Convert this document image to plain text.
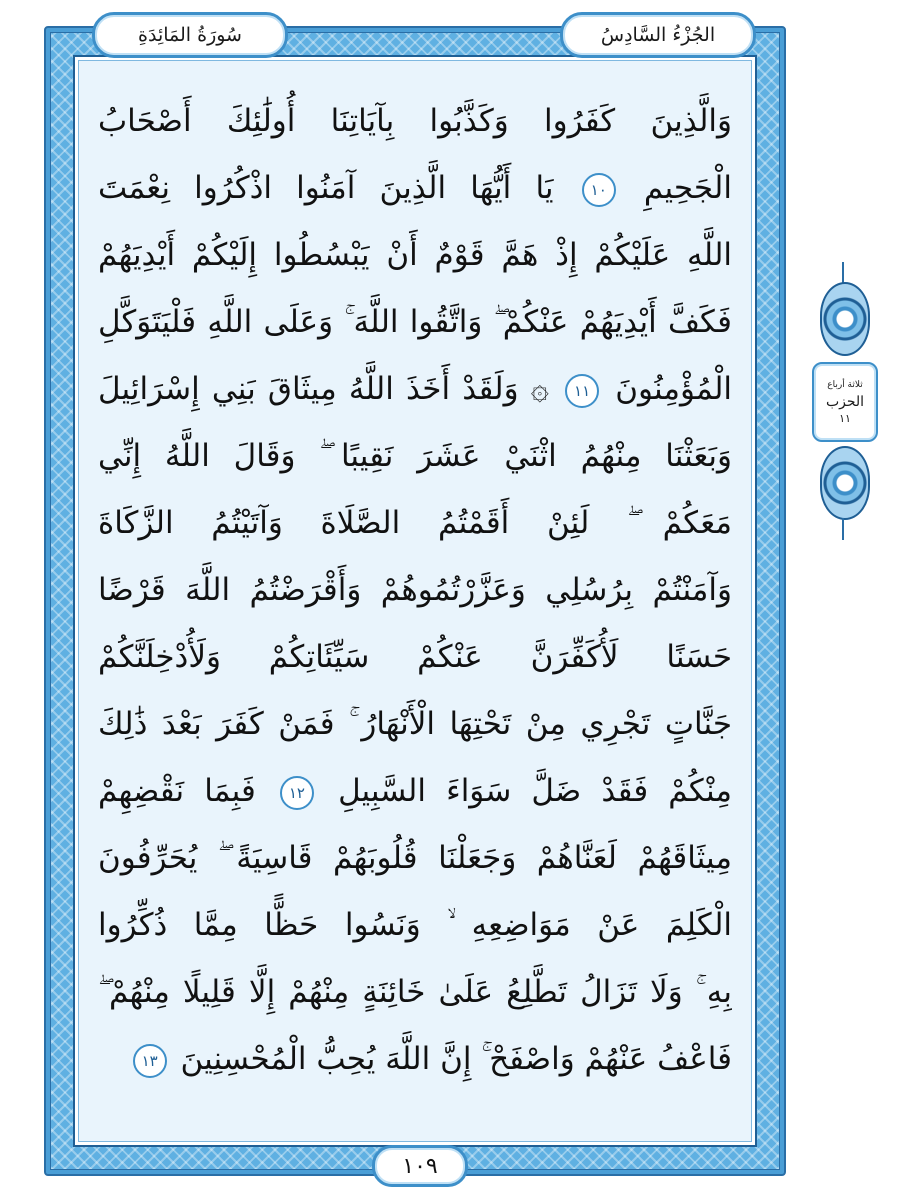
سُورَةُ المَائِدَةِ	الجُزْءُ السَّادِسُ
وَالَّذِينَ كَفَرُوا وَكَذَّبُوا بِآيَاتِنَا أُولَٰئِكَ أَصْحَابُ
الْجَحِيمِ ١٠ يَا أَيُّهَا الَّذِينَ آمَنُوا اذْكُرُوا نِعْمَتَ
اللَّهِ عَلَيْكُمْ إِذْ هَمَّ قَوْمٌ أَنْ يَبْسُطُوا إِلَيْكُمْ أَيْدِيَهُمْ
فَكَفَّ أَيْدِيَهُمْ عَنْكُمْ ۖ وَاتَّقُوا اللَّهَ ۚ وَعَلَى اللَّهِ فَلْيَتَوَكَّلِ
الْمُؤْمِنُونَ ١١ ۞ وَلَقَدْ أَخَذَ اللَّهُ مِيثَاقَ بَنِي إِسْرَائِيلَ
وَبَعَثْنَا مِنْهُمُ اثْنَيْ عَشَرَ نَقِيبًا ۖ وَقَالَ اللَّهُ إِنِّي
مَعَكُمْ ۖ لَئِنْ أَقَمْتُمُ الصَّلَاةَ وَآتَيْتُمُ الزَّكَاةَ
وَآمَنْتُمْ بِرُسُلِي وَعَزَّرْتُمُوهُمْ وَأَقْرَضْتُمُ اللَّهَ قَرْضًا
حَسَنًا لَأُكَفِّرَنَّ عَنْكُمْ سَيِّئَاتِكُمْ وَلَأُدْخِلَنَّكُمْ
جَنَّاتٍ تَجْرِي مِنْ تَحْتِهَا الْأَنْهَارُ ۚ فَمَنْ كَفَرَ بَعْدَ ذَٰلِكَ
مِنْكُمْ فَقَدْ ضَلَّ سَوَاءَ السَّبِيلِ ١٢ فَبِمَا نَقْضِهِمْ
مِيثَاقَهُمْ لَعَنَّاهُمْ وَجَعَلْنَا قُلُوبَهُمْ قَاسِيَةً ۖ يُحَرِّفُونَ
الْكَلِمَ عَنْ مَوَاضِعِهِ ۙ وَنَسُوا حَظًّا مِمَّا ذُكِّرُوا
بِهِ ۚ وَلَا تَزَالُ تَطَّلِعُ عَلَىٰ خَائِنَةٍ مِنْهُمْ إِلَّا قَلِيلًا مِنْهُمْ ۖ
فَاعْفُ عَنْهُمْ وَاصْفَحْ ۚ إِنَّ اللَّهَ يُحِبُّ الْمُحْسِنِينَ ١٣
١٠٩
ثلاثة أرباع
الحزب
١١
